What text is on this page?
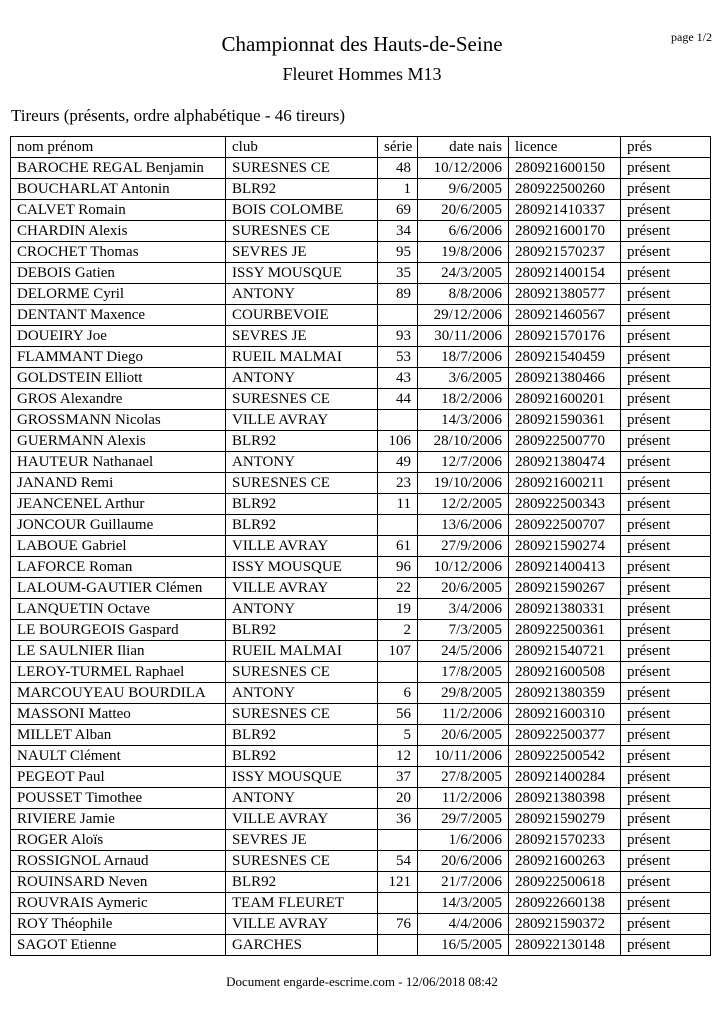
page 1/2
Championnat des Hauts-de-Seine
Fleuret Hommes M13
Tireurs (présents, ordre alphabétique - 46 tireurs)
nom prénom	club	série	date nais	licence	prés
BAROCHE REGAL Benjamin	SURESNES CE	48	10/12/2006	280921600150	présent
BOUCHARLAT Antonin	BLR92	1	9/6/2005	280922500260	présent
CALVET Romain	BOIS COLOMBE	69	20/6/2005	280921410337	présent
CHARDIN Alexis	SURESNES CE	34	6/6/2006	280921600170	présent
CROCHET Thomas	SEVRES JE	95	19/8/2006	280921570237	présent
DEBOIS Gatien	ISSY MOUSQUE	35	24/3/2005	280921400154	présent
DELORME Cyril	ANTONY	89	8/8/2006	280921380577	présent
DENTANT Maxence	COURBEVOIE		29/12/2006	280921460567	présent
DOUEIRY Joe	SEVRES JE	93	30/11/2006	280921570176	présent
FLAMMANT Diego	RUEIL MALMAI	53	18/7/2006	280921540459	présent
GOLDSTEIN Elliott	ANTONY	43	3/6/2005	280921380466	présent
GROS Alexandre	SURESNES CE	44	18/2/2006	280921600201	présent
GROSSMANN Nicolas	VILLE AVRAY		14/3/2006	280921590361	présent
GUERMANN Alexis	BLR92	106	28/10/2006	280922500770	présent
HAUTEUR Nathanael	ANTONY	49	12/7/2006	280921380474	présent
JANAND Remi	SURESNES CE	23	19/10/2006	280921600211	présent
JEANCENEL Arthur	BLR92	11	12/2/2005	280922500343	présent
JONCOUR Guillaume	BLR92		13/6/2006	280922500707	présent
LABOUE Gabriel	VILLE AVRAY	61	27/9/2006	280921590274	présent
LAFORCE Roman	ISSY MOUSQUE	96	10/12/2006	280921400413	présent
LALOUM-GAUTIER Clémen	VILLE AVRAY	22	20/6/2005	280921590267	présent
LANQUETIN Octave	ANTONY	19	3/4/2006	280921380331	présent
LE BOURGEOIS Gaspard	BLR92	2	7/3/2005	280922500361	présent
LE SAULNIER Ilian	RUEIL MALMAI	107	24/5/2006	280921540721	présent
LEROY-TURMEL Raphael	SURESNES CE		17/8/2005	280921600508	présent
MARCOUYEAU BOURDILA	ANTONY	6	29/8/2005	280921380359	présent
MASSONI Matteo	SURESNES CE	56	11/2/2006	280921600310	présent
MILLET Alban	BLR92	5	20/6/2005	280922500377	présent
NAULT Clément	BLR92	12	10/11/2006	280922500542	présent
PEGEOT Paul	ISSY MOUSQUE	37	27/8/2005	280921400284	présent
POUSSET Timothee	ANTONY	20	11/2/2006	280921380398	présent
RIVIERE Jamie	VILLE AVRAY	36	29/7/2005	280921590279	présent
ROGER Aloïs	SEVRES JE		1/6/2006	280921570233	présent
ROSSIGNOL Arnaud	SURESNES CE	54	20/6/2006	280921600263	présent
ROUINSARD Neven	BLR92	121	21/7/2006	280922500618	présent
ROUVRAIS Aymeric	TEAM FLEURET		14/3/2005	280922660138	présent
ROY Théophile	VILLE AVRAY	76	4/4/2006	280921590372	présent
SAGOT Etienne	GARCHES		16/5/2005	280922130148	présent
Document engarde-escrime.com - 12/06/2018 08:42
